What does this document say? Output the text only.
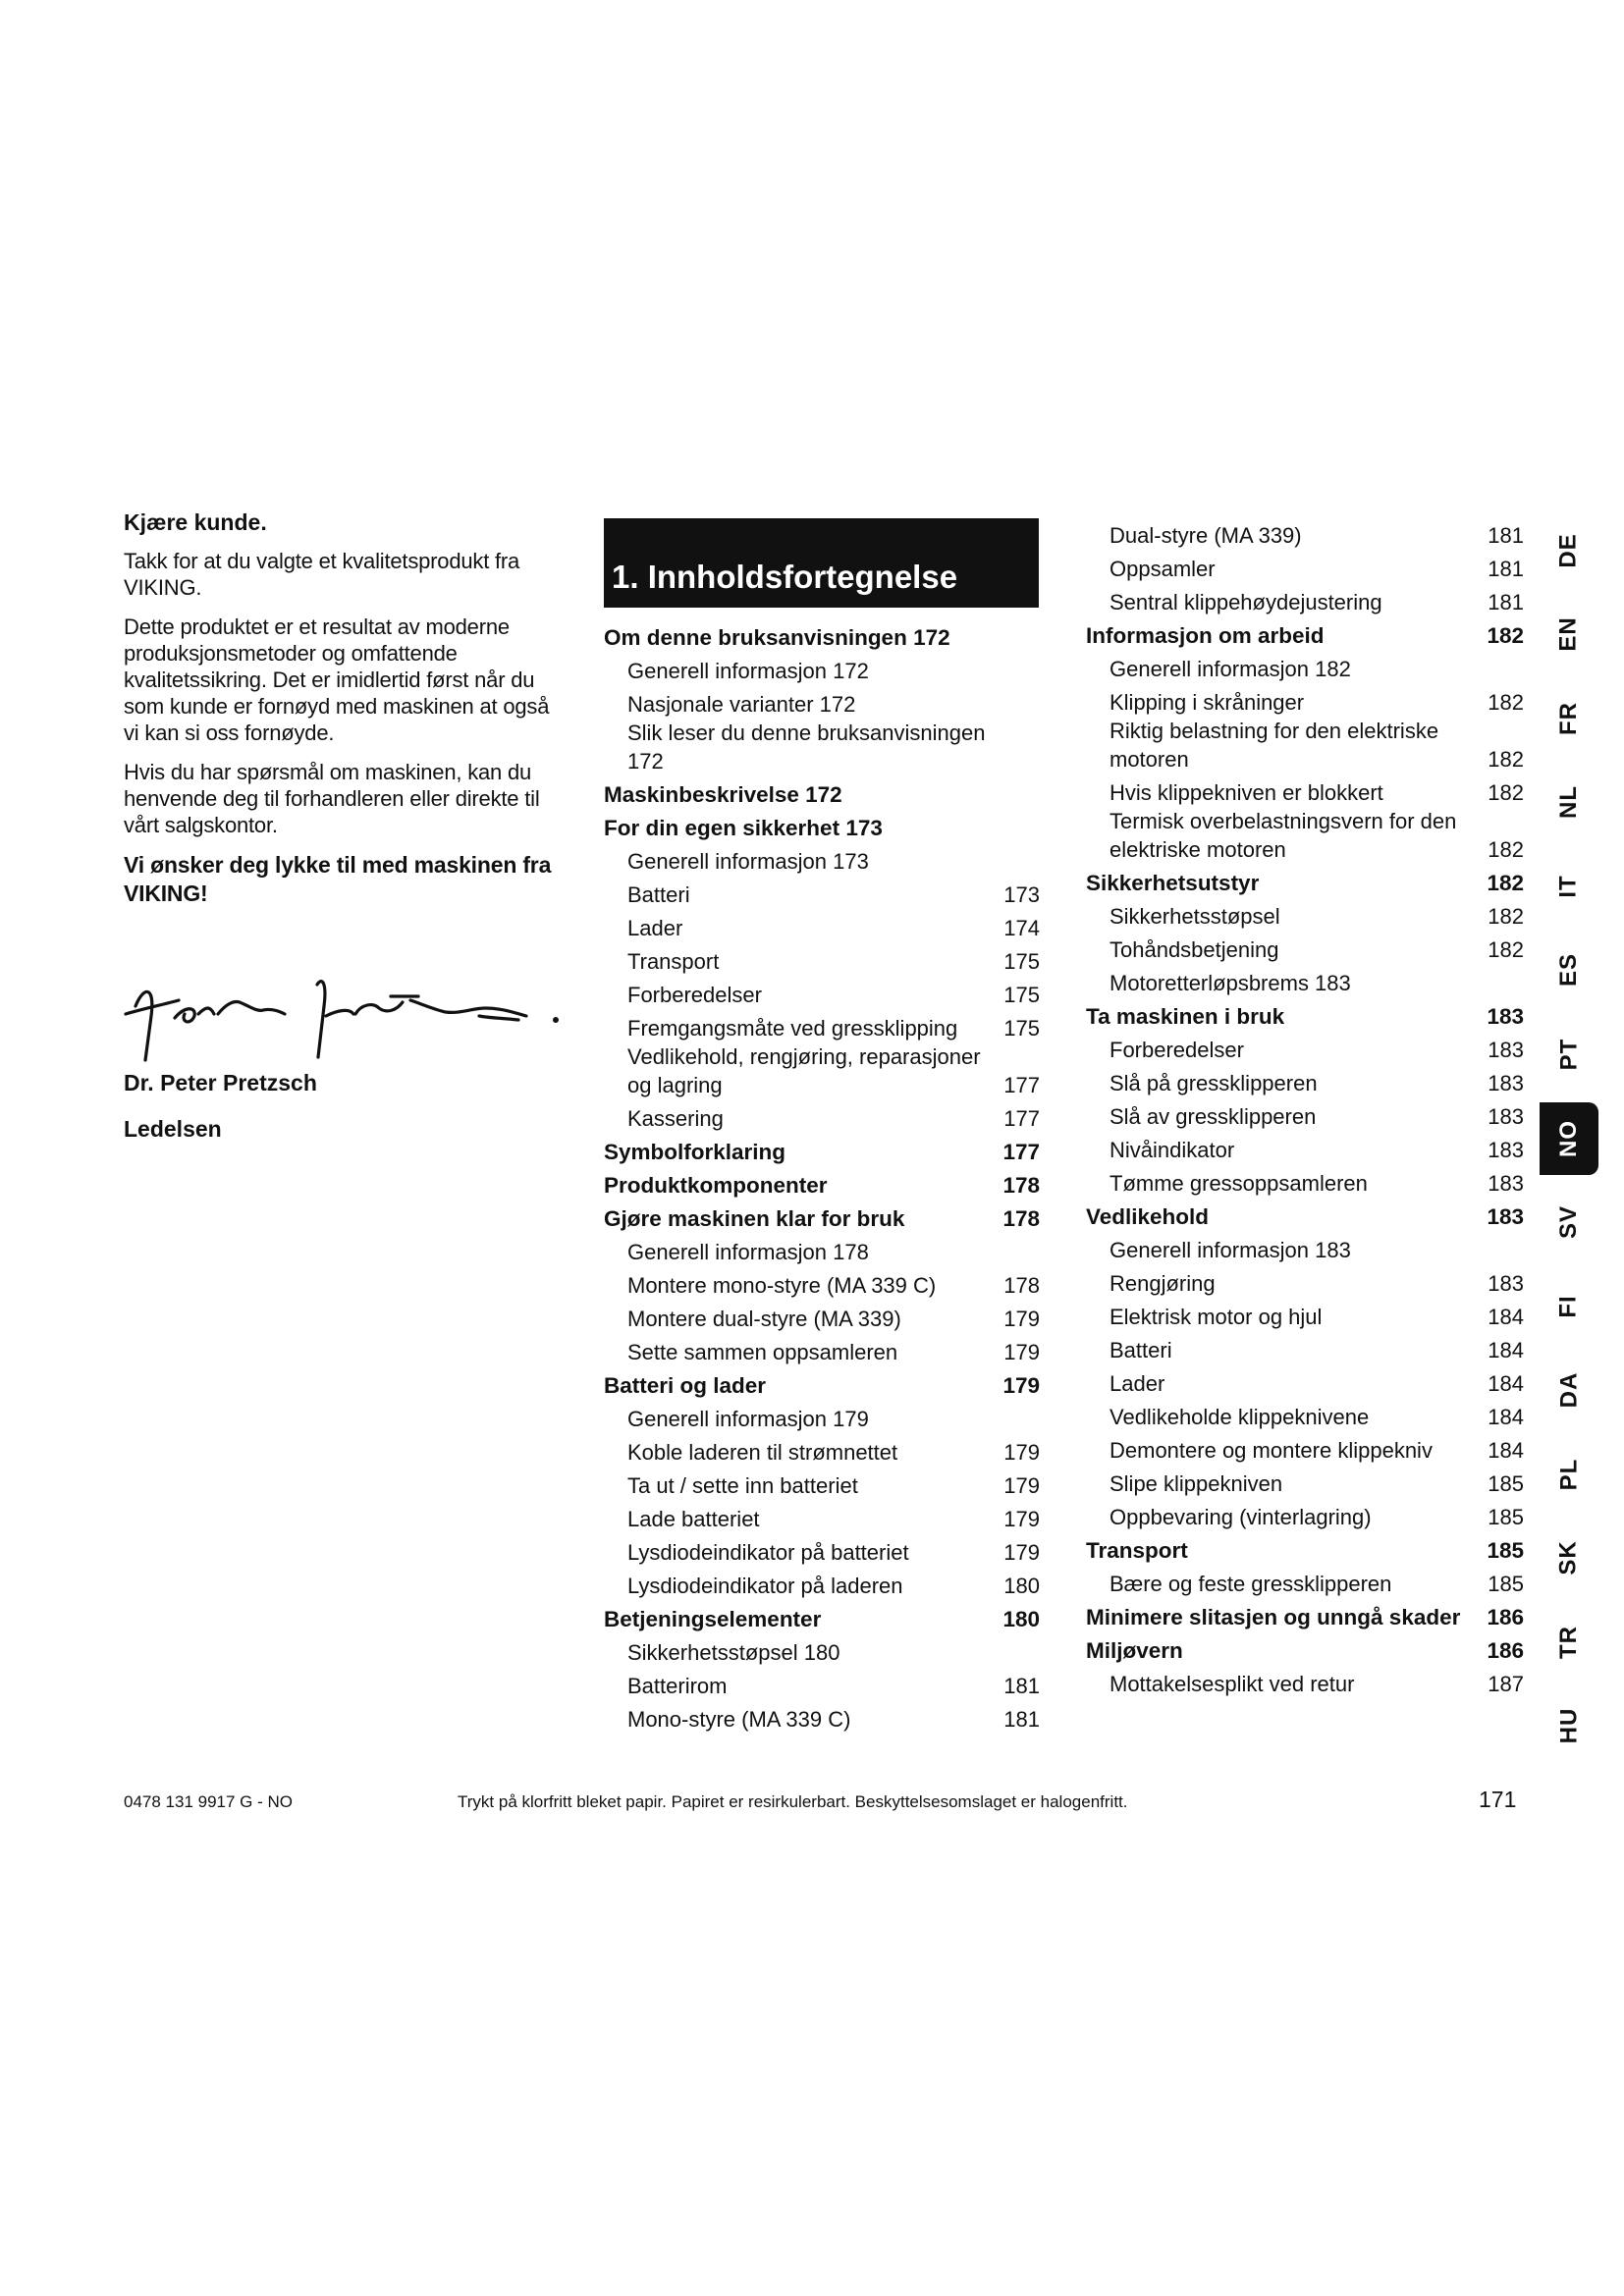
Kjære kunde.

Takk for at du valgte et kvalitetsprodukt fra VIKING.

Dette produktet er et resultat av moderne produksjonsmetoder og omfattende kvalitetssikring. Det er imidlertid først når du som kunde er fornøyd med maskinen at også vi kan si oss fornøyde.

Hvis du har spørsmål om maskinen, kan du henvende deg til forhandleren eller direkte til vårt salgskontor.

Vi ønsker deg lykke til med maskinen fra VIKING!

Dr. Peter Pretzsch
Ledelsen
1. Innholdsfortegnelse
Om denne bruksanvisningen 172
Generell informasjon 172
Nasjonale varianter 172
Slik leser du denne bruksanvisningen 172
Maskinbeskrivelse 172
For din egen sikkerhet 173
Generell informasjon 173
Batteri	173
Lader	174
Transport	175
Forberedelser	175
Fremgangsmåte ved gressklipping	175
Vedlikehold, rengjøring, reparasjoner og lagring	177
Kassering	177
Symbolforklaring	177
Produktkomponenter	178
Gjøre maskinen klar for bruk	178
Generell informasjon 178
Montere mono-styre (MA 339 C)	178
Montere dual-styre (MA 339)	179
Sette sammen oppsamleren	179
Batteri og lader	179
Generell informasjon 179
Koble laderen til strømnettet	179
Ta ut / sette inn batteriet	179
Lade batteriet	179
Lysdiodeindikator på batteriet	179
Lysdiodeindikator på laderen	180
Betjeningselementer	180
Sikkerhetsstøpsel 180
Batterirom	181
Mono-styre (MA 339 C)	181
Dual-styre (MA 339)	181
Oppsamler	181
Sentral klippehøydejustering	181
Informasjon om arbeid	182
Generell informasjon 182
Klipping i skråninger	182
Riktig belastning for den elektriske motoren	182
Hvis klippekniven er blokkert	182
Termisk overbelastningsvern for den elektriske motoren	182
Sikkerhetsutstyr	182
Sikkerhetsstøpsel	182
Tohåndsbetjening	182
Motoretterløpsbrems 183
Ta maskinen i bruk	183
Forberedelser	183
Slå på gressklipperen	183
Slå av gressklipperen	183
Nivåindikator	183
Tømme gressoppsamleren	183
Vedlikehold	183
Generell informasjon 183
Rengjøring	183
Elektrisk motor og hjul	184
Batteri	184
Lader	184
Vedlikeholde klippeknivene	184
Demontere og montere klippekniv	184
Slipe klippekniven	185
Oppbevaring (vinterlagring)	185
Transport	185
Bære og feste gressklipperen	185
Minimere slitasjen og unngå skader	186
Miljøvern	186
Mottakelsesplikt ved retur	187
DE
EN
FR
NL
IT
ES
PT
NO
SV
FI
DA
PL
SK
TR
HU
0478 131 9917 G - NO	Trykt på klorfritt bleket papir. Papiret er resirkulerbart. Beskyttelsesomslaget er halogenfritt.	171
